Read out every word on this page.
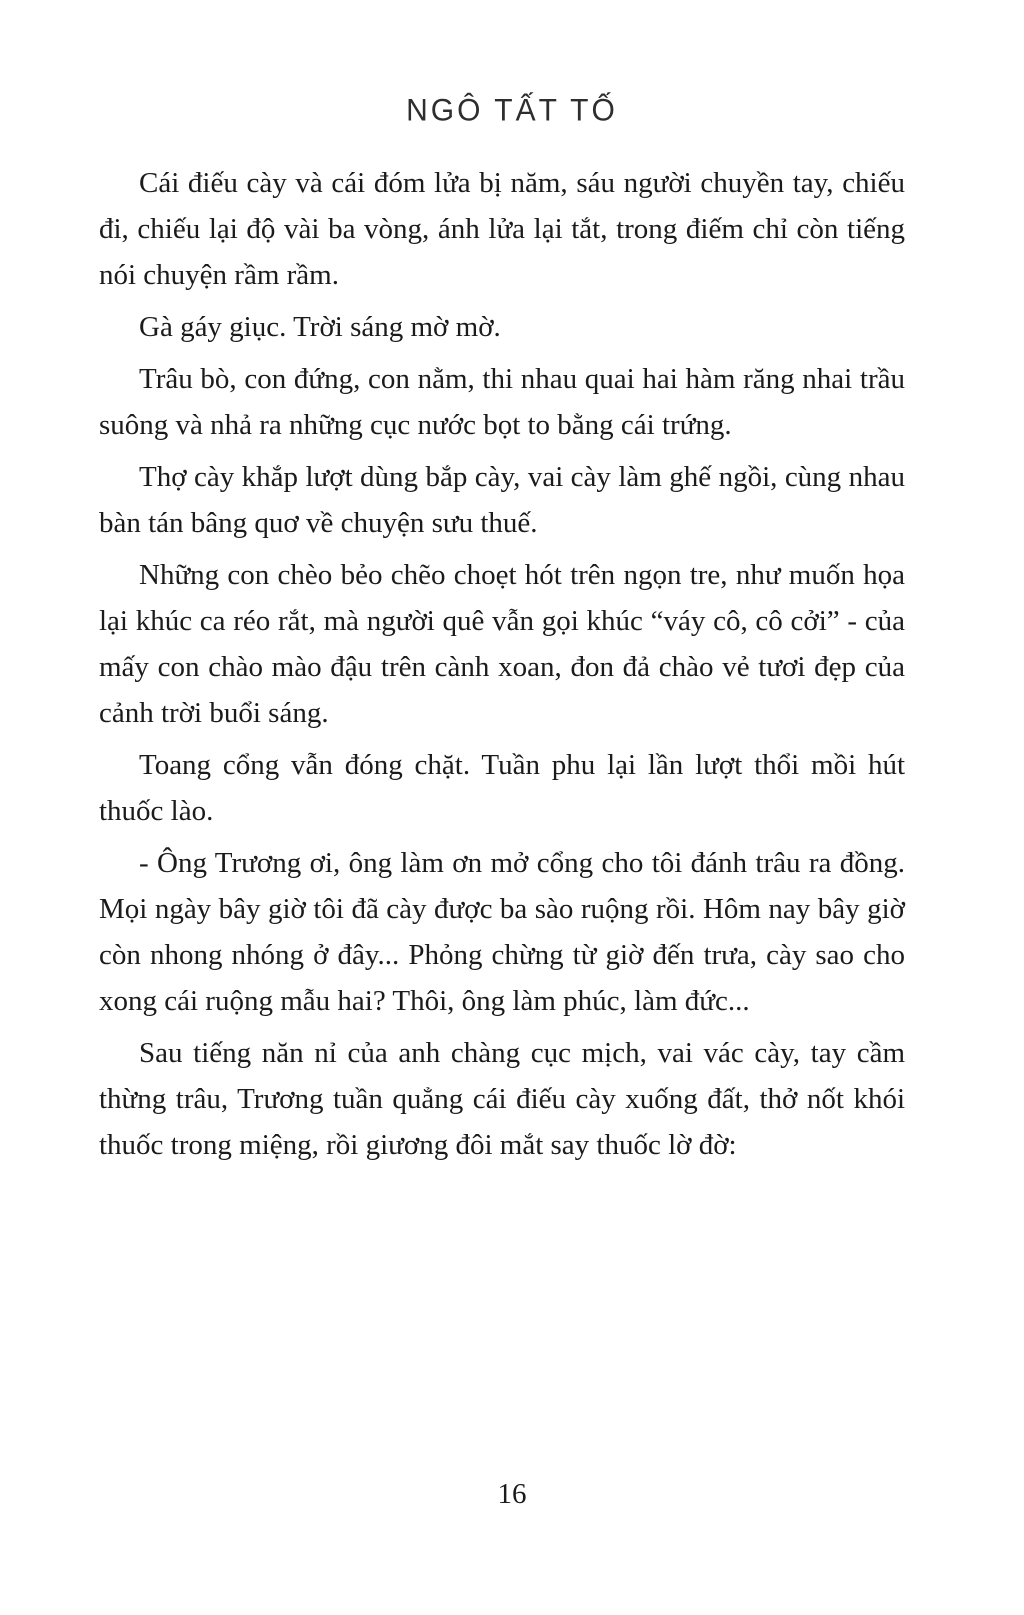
NGÔ TẤT TỐ

Cái điếu cày và cái đóm lửa bị năm, sáu người chuyền tay, chiếu đi, chiếu lại độ vài ba vòng, ánh lửa lại tắt, trong điếm chỉ còn tiếng nói chuyện rầm rầm.

Gà gáy giục. Trời sáng mờ mờ.

Trâu bò, con đứng, con nằm, thi nhau quai hai hàm răng nhai trầu suông và nhả ra những cục nước bọt to bằng cái trứng.

Thợ cày khắp lượt dùng bắp cày, vai cày làm ghế ngồi, cùng nhau bàn tán bâng quơ về chuyện sưu thuế.

Những con chèo bẻo chẽo choẹt hót trên ngọn tre, như muốn họa lại khúc ca réo rắt, mà người quê vẫn gọi khúc “váy cô, cô cởi” - của mấy con chào mào đậu trên cành xoan, đon đả chào vẻ tươi đẹp của cảnh trời buổi sáng.

Toang cổng vẫn đóng chặt. Tuần phu lại lần lượt thổi mồi hút thuốc lào.

- Ông Trương ơi, ông làm ơn mở cổng cho tôi đánh trâu ra đồng. Mọi ngày bây giờ tôi đã cày được ba sào ruộng rồi. Hôm nay bây giờ còn nhong nhóng ở đây... Phỏng chừng từ giờ đến trưa, cày sao cho xong cái ruộng mẫu hai? Thôi, ông làm phúc, làm đức...

Sau tiếng năn nỉ của anh chàng cục mịch, vai vác cày, tay cầm thừng trâu, Trương tuần quẳng cái điếu cày xuống đất, thở nốt khói thuốc trong miệng, rồi giương đôi mắt say thuốc lờ đờ:

16
